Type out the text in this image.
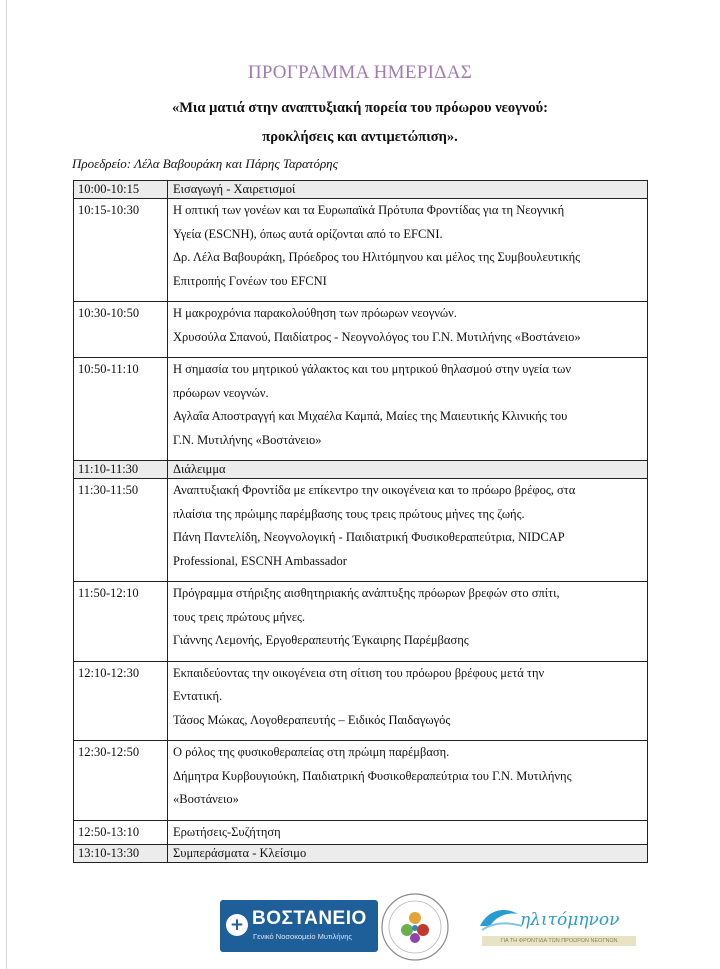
ΠΡΟΓΡΑΜΜΑ ΗΜΕΡΙΔΑΣ
«Μια ματιά στην αναπτυξιακή πορεία του πρόωρου νεογνού:
προκλήσεις και αντιμετώπιση».
Προεδρείο: Λέλα Βαβουράκη και Πάρης Ταρατόρης
10:00-10:15	Εισαγωγή - Χαιρετισμοί

10:15-10:30	Η οπτική των γονέων και τα Ευρωπαϊκά Πρότυπα Φροντίδας για τη Νεογνική
Υγεία (ESCNH), όπως αυτά ορίζονται από το EFCNI.
Δρ. Λέλα Βαβουράκη, Πρόεδρος του Ηλιτόμηνου και μέλος της Συμβουλευτικής
Επιτροπής Γονέων του EFCNI

10:30-10:50	Η μακροχρόνια παρακολούθηση των πρόωρων νεογνών.
Χρυσούλα Σπανού, Παιδίατρος - Νεογνολόγος του Γ.Ν. Μυτιλήνης «Βοστάνειο»

10:50-11:10	Η σημασία του μητρικού γάλακτος και του μητρικού θηλασμού στην υγεία των
πρόωρων νεογνών.
Αγλαΐα Αποστραγγή και Μιχαέλα Καμπά, Μαίες της Μαιευτικής Κλινικής του
Γ.Ν. Μυτιλήνης «Βοστάνειο»

11:10-11:30	Διάλειμμα

11:30-11:50	Αναπτυξιακή Φροντίδα με επίκεντρο την οικογένεια και το πρόωρο βρέφος, στα
πλαίσια της πρώιμης παρέμβασης τους τρεις πρώτους μήνες της ζωής.
Πάνη Παντελίδη, Νεογνολογική - Παιδιατρική Φυσικοθεραπεύτρια, NIDCAP
Professional, ESCNH Ambassador

11:50-12:10	Πρόγραμμα στήριξης αισθητηριακής ανάπτυξης πρόωρων βρεφών στο σπίτι,
τους τρεις πρώτους μήνες.
Γιάννης Λεμονής, Εργοθεραπευτής Έγκαιρης Παρέμβασης

12:10-12:30	Εκπαιδεύοντας την οικογένεια στη σίτιση του πρόωρου βρέφους μετά την
Εντατική.
Τάσος Μώκας, Λογοθεραπευτής – Ειδικός Παιδαγωγός

12:30-12:50	Ο ρόλος της φυσικοθεραπείας στη πρώιμη παρέμβαση.
Δήμητρα Κυρβουγιούκη, Παιδιατρική Φυσικοθεραπεύτρια του Γ.Ν. Μυτιλήνης
«Βοστάνειο»

12:50-13:10	Ερωτήσεις-Συζήτηση

13:10-13:30	Συμπεράσματα - Κλείσιμο
+ ΒΟΣΤΑΝΕΙΟ
Γενικό Νοσοκομείο Μυτιλήνης
ηλιτόμηνον
ΓΙΑ ΤΗ ΦΡΟΝΤΙΔΑ ΤΩΝ ΠΡΟΩΡΩΝ ΝΕΟΓΝΩΝ
